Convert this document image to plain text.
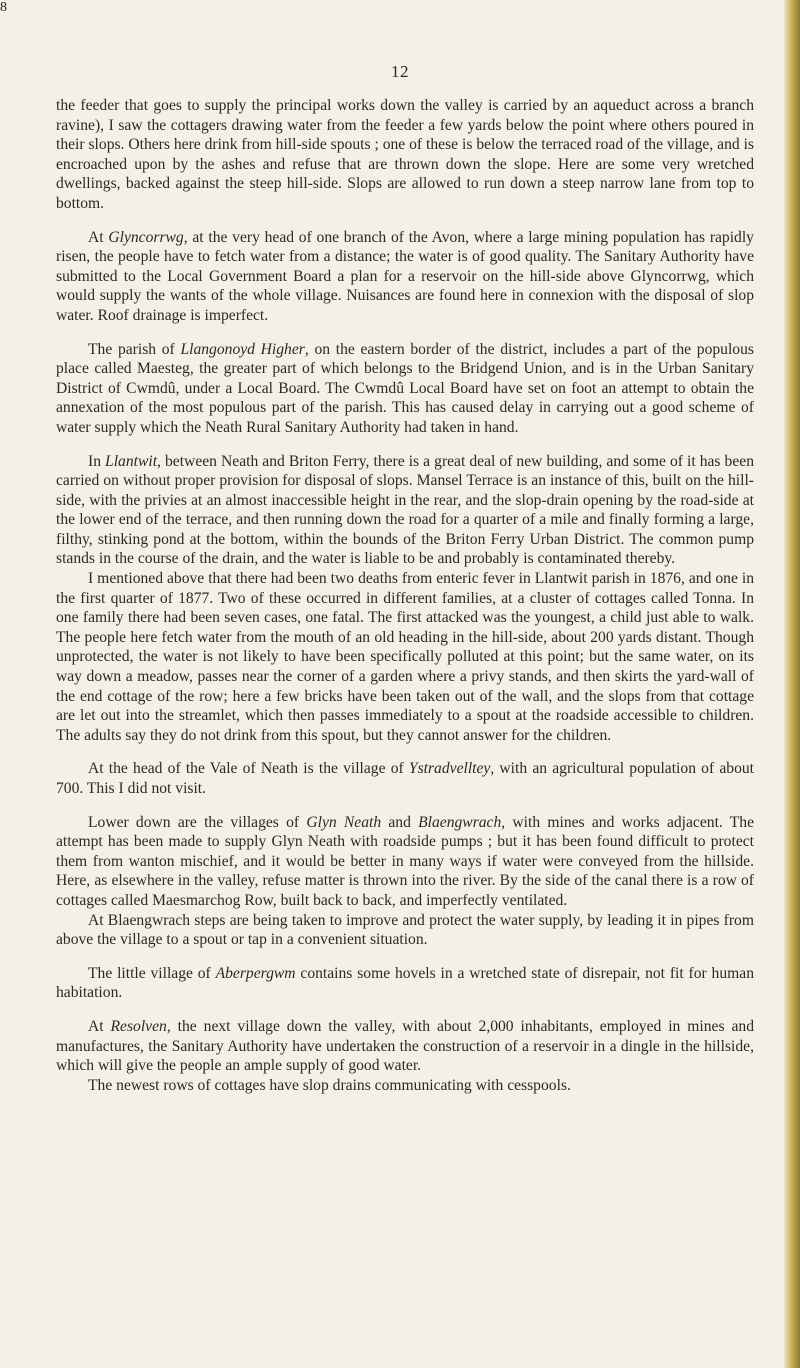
8
12

the feeder that goes to supply the principal works down the valley is carried by an aqueduct across a branch ravine), I saw the cottagers drawing water from the feeder a few yards below the point where others poured in their slops. Others here drink from hill-side spouts ; one of these is below the terraced road of the village, and is encroached upon by the ashes and refuse that are thrown down the slope. Here are some very wretched dwellings, backed against the steep hill-side. Slops are allowed to run down a steep narrow lane from top to bottom.

At Glyncorrwg, at the very head of one branch of the Avon, where a large mining population has rapidly risen, the people have to fetch water from a distance; the water is of good quality. The Sanitary Authority have submitted to the Local Government Board a plan for a reservoir on the hill-side above Glyncorrwg, which would supply the wants of the whole village. Nuisances are found here in connexion with the disposal of slop water. Roof drainage is imperfect.

The parish of Llangonoyd Higher, on the eastern border of the district, includes a part of the populous place called Maesteg, the greater part of which belongs to the Bridgend Union, and is in the Urban Sanitary District of Cwmdû, under a Local Board. The Cwmdû Local Board have set on foot an attempt to obtain the annexation of the most populous part of the parish. This has caused delay in carrying out a good scheme of water supply which the Neath Rural Sanitary Authority had taken in hand.

In Llantwit, between Neath and Briton Ferry, there is a great deal of new building, and some of it has been carried on without proper provision for disposal of slops. Mansel Terrace is an instance of this, built on the hill-side, with the privies at an almost inaccessible height in the rear, and the slop-drain opening by the road-side at the lower end of the terrace, and then running down the road for a quarter of a mile and finally forming a large, filthy, stinking pond at the bottom, within the bounds of the Briton Ferry Urban District. The common pump stands in the course of the drain, and the water is liable to be and probably is contaminated thereby.

I mentioned above that there had been two deaths from enteric fever in Llantwit parish in 1876, and one in the first quarter of 1877. Two of these occurred in different families, at a cluster of cottages called Tonna. In one family there had been seven cases, one fatal. The first attacked was the youngest, a child just able to walk. The people here fetch water from the mouth of an old heading in the hill-side, about 200 yards distant. Though unprotected, the water is not likely to have been specifically polluted at this point; but the same water, on its way down a meadow, passes near the corner of a garden where a privy stands, and then skirts the yard-wall of the end cottage of the row; here a few bricks have been taken out of the wall, and the slops from that cottage are let out into the streamlet, which then passes immediately to a spout at the roadside accessible to children. The adults say they do not drink from this spout, but they cannot answer for the children.

At the head of the Vale of Neath is the village of Ystradvelltey, with an agricultural population of about 700. This I did not visit.

Lower down are the villages of Glyn Neath and Blaengwrach, with mines and works adjacent. The attempt has been made to supply Glyn Neath with roadside pumps ; but it has been found difficult to protect them from wanton mischief, and it would be better in many ways if water were conveyed from the hillside. Here, as elsewhere in the valley, refuse matter is thrown into the river. By the side of the canal there is a row of cottages called Maesmarchog Row, built back to back, and imperfectly ventilated.

At Blaengwrach steps are being taken to improve and protect the water supply, by leading it in pipes from above the village to a spout or tap in a convenient situation.

The little village of Aberpergwm contains some hovels in a wretched state of disrepair, not fit for human habitation.

At Resolven, the next village down the valley, with about 2,000 inhabitants, employed in mines and manufactures, the Sanitary Authority have undertaken the construction of a reservoir in a dingle in the hillside, which will give the people an ample supply of good water.

The newest rows of cottages have slop drains communicating with cesspools.
